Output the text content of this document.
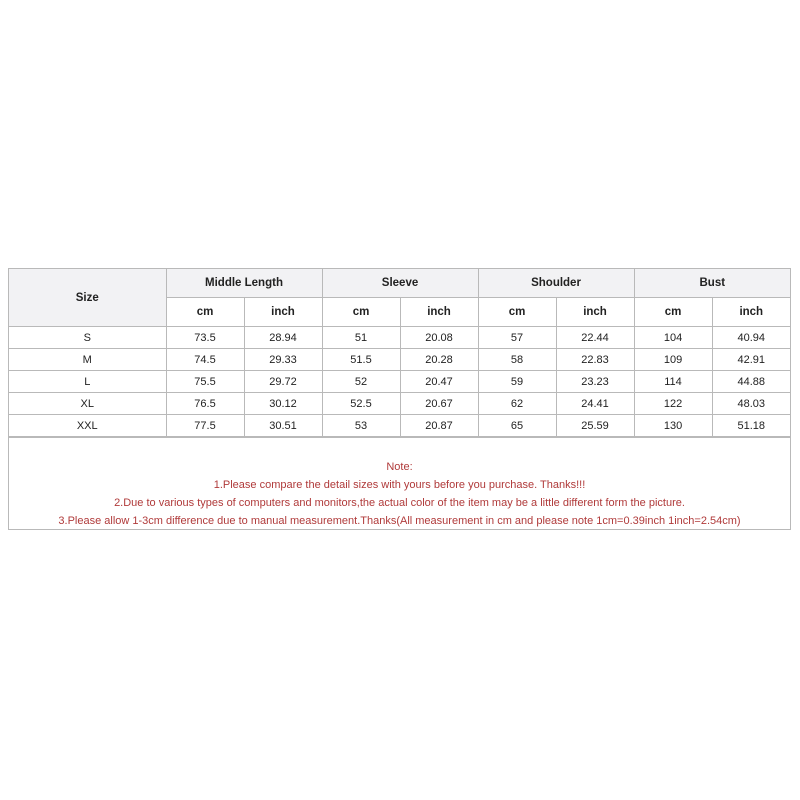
Size	Middle Length		Sleeve		Shoulder		Bust	
	cm	inch	cm	inch	cm	inch	cm	inch
S	73.5	28.94	51	20.08	57	22.44	104	40.94
M	74.5	29.33	51.5	20.28	58	22.83	109	42.91
L	75.5	29.72	52	20.47	59	23.23	114	44.88
XL	76.5	30.12	52.5	20.67	62	24.41	122	48.03
XXL	77.5	30.51	53	20.87	65	25.59	130	51.18
Note:
1.Please compare the detail sizes with yours before you purchase. Thanks!!!
2.Due to various types of computers and monitors,the actual color of the item may be a little different form the picture.
3.Please allow 1-3cm difference due to manual measurement.Thanks(All measurement in cm and please note 1cm=0.39inch 1inch=2.54cm)
